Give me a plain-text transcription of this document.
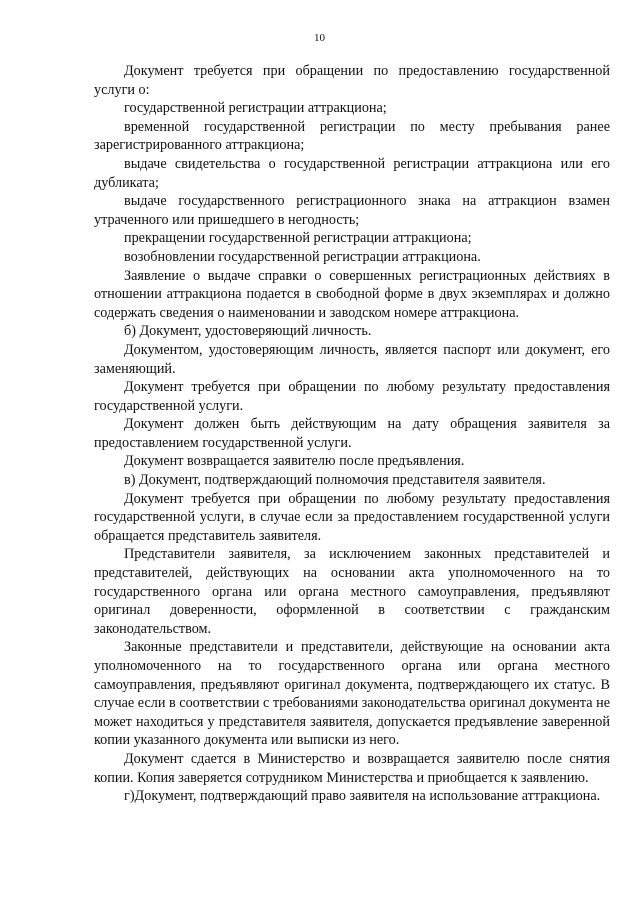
10

Документ требуется при обращении по предоставлению государственной услуги о:

государственной регистрации аттракциона;

временной государственной регистрации по месту пребывания ранее зарегистрированного аттракциона;

выдаче свидетельства о государственной регистрации аттракциона или его дубликата;

выдаче государственного регистрационного знака на аттракцион взамен утраченного или пришедшего в негодность;

прекращении государственной регистрации аттракциона;

возобновлении государственной регистрации аттракциона.

Заявление о выдаче справки о совершенных регистрационных действиях в отношении аттракциона подается в свободной форме в двух экземплярах и должно содержать сведения о наименовании и заводском номере аттракциона.

б) Документ, удостоверяющий личность.

Документом, удостоверяющим личность, является паспорт или документ, его заменяющий.

Документ требуется при обращении по любому результату предоставления государственной услуги.

Документ должен быть действующим на дату обращения заявителя за предоставлением государственной услуги.

Документ возвращается заявителю после предъявления.

в) Документ, подтверждающий полномочия представителя заявителя.

Документ требуется при обращении по любому результату предоставления государственной услуги, в случае если за предоставлением государственной услуги обращается представитель заявителя.

Представители заявителя, за исключением законных представителей и представителей, действующих на основании акта уполномоченного на то государственного органа или органа местного самоуправления, предъявляют оригинал доверенности, оформленной в соответствии с гражданским законодательством.

Законные представители и представители, действующие на основании акта уполномоченного на то государственного органа или органа местного самоуправления, предъявляют оригинал документа, подтверждающего их статус. В случае если в соответствии с требованиями законодательства оригинал документа не может находиться у представителя заявителя, допускается предъявление заверенной копии указанного документа или выписки из него.

Документ сдается в Министерство и возвращается заявителю после снятия копии. Копия заверяется сотрудником Министерства и приобщается к заявлению.

г)Документ, подтверждающий право заявителя на использование аттракциона.
